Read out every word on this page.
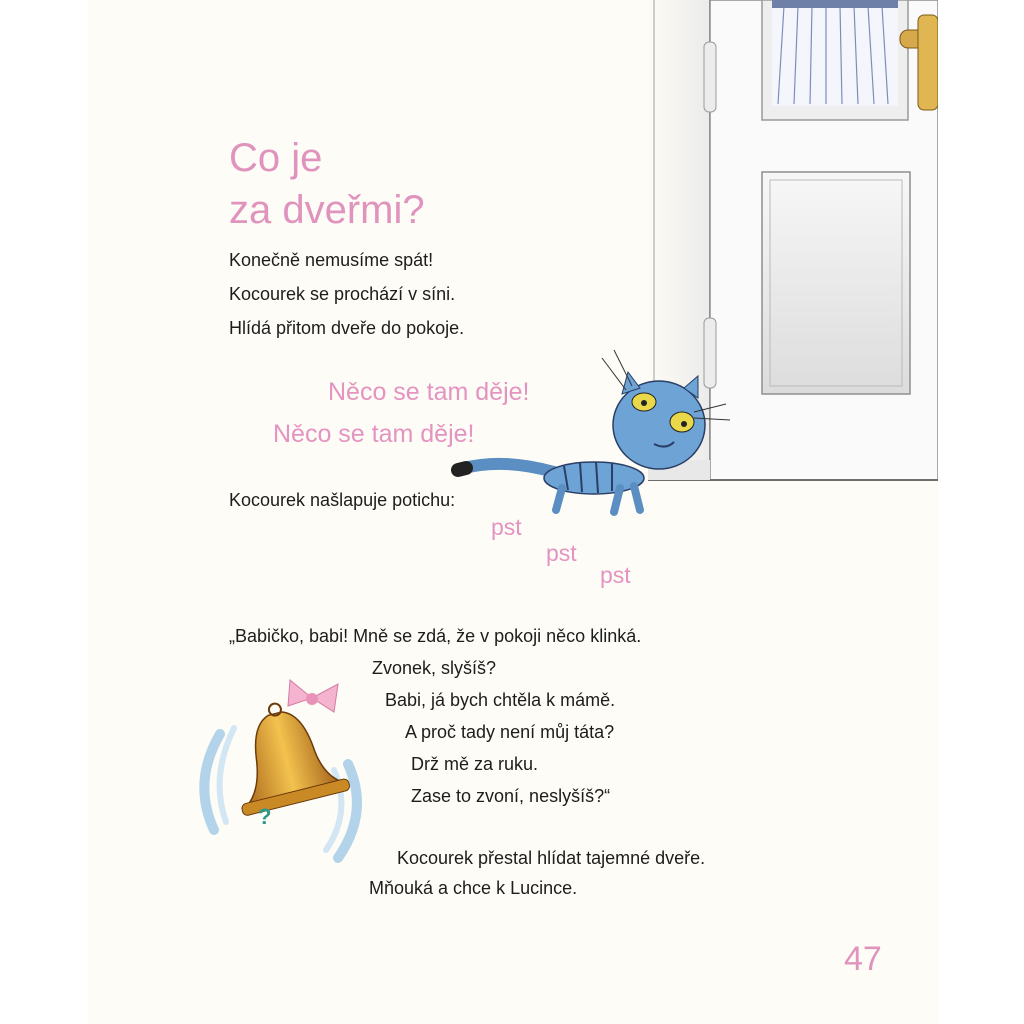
?
Co je
za dveřmi?
Konečně nemusíme spát!
Kocourek se prochází v síni.
Hlídá přitom dveře do pokoje.
Něco se tam děje!
Něco se tam děje!
Kocourek našlapuje potichu:
pst
pst
pst
„Babičko, babi! Mně se zdá, že v pokoji něco klinká.
Zvonek, slyšíš?
Babi, já bych chtěla k mámě.
A proč tady není můj táta?
Drž mě za ruku.
Zase to zvoní, neslyšíš?“
Kocourek přestal hlídat tajemné dveře.
Mňouká a chce k Lucince.
47
